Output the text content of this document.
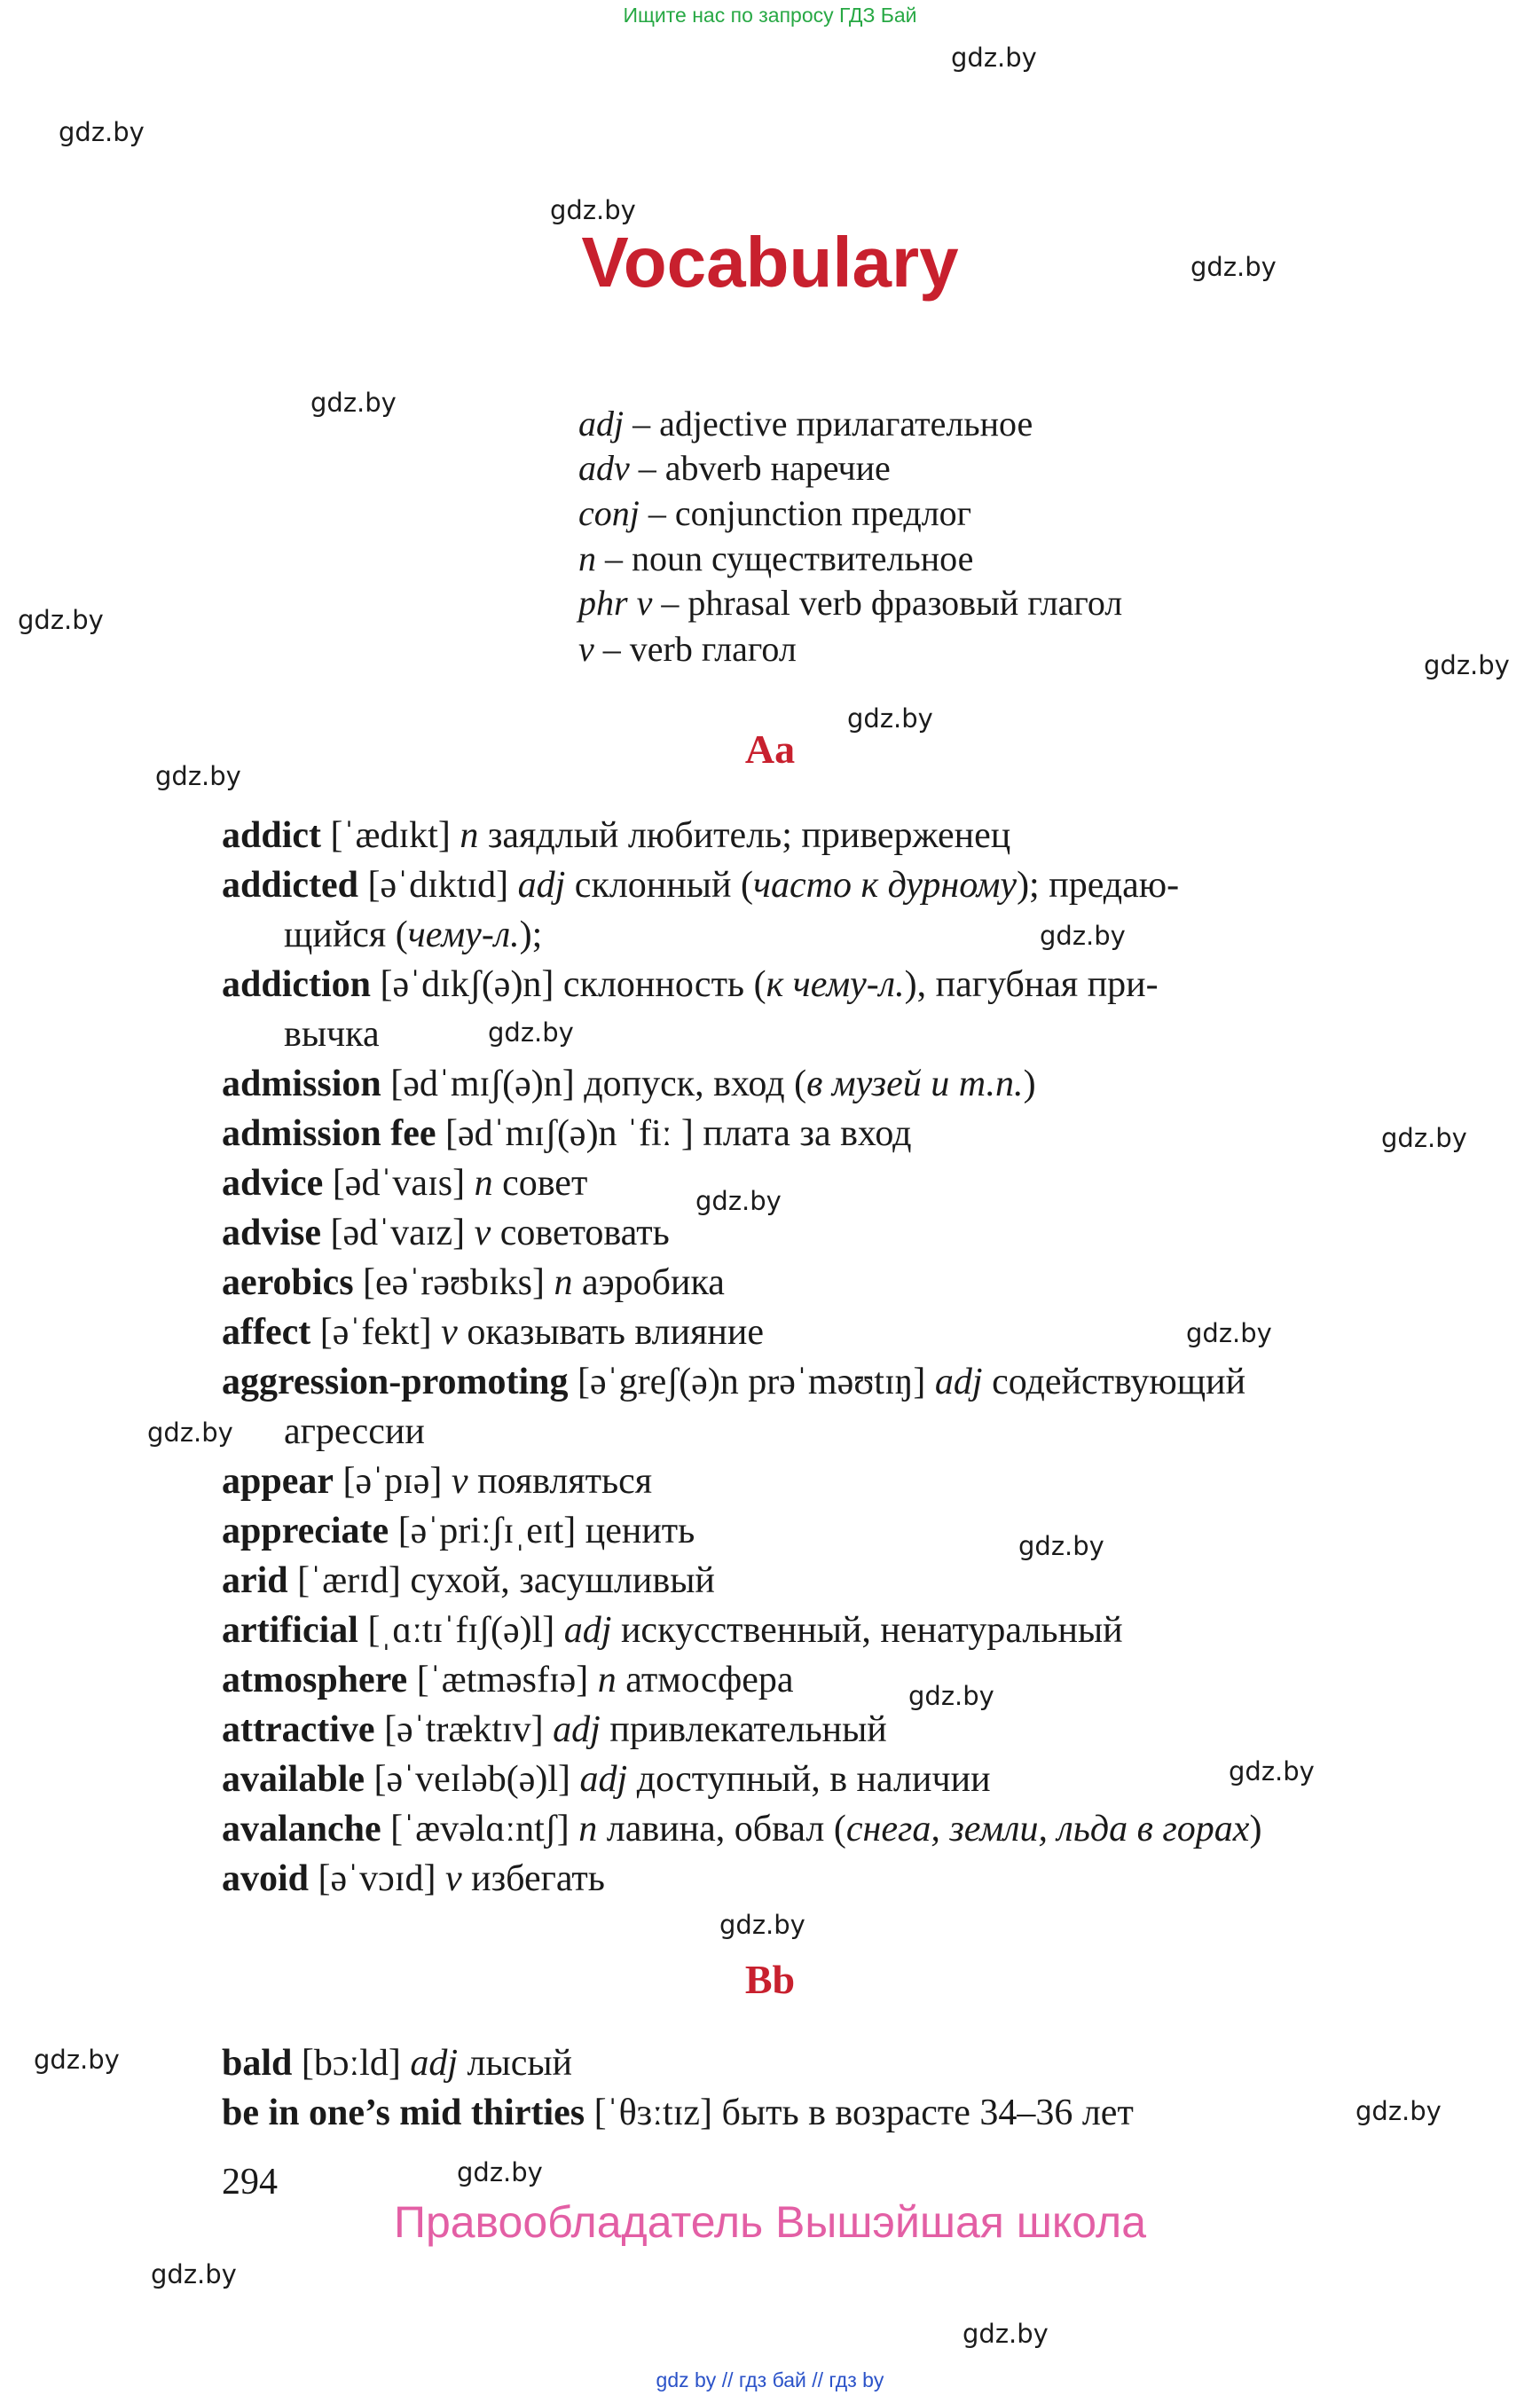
Ищите нас по запросу ГДЗ Бай
gdz.by
gdz.by
gdz.by
gdz.by
gdz.by
gdz.by
gdz.by
gdz.by
gdz.by
gdz.by
gdz.by
gdz.by
gdz.by
gdz.by
gdz.by
gdz.by
gdz.by
gdz.by
gdz.by
gdz.by
gdz.by
gdz.by
gdz.by
gdz.by
Vocabulary
adj – adjective прилагательное
adv – abverb наречие
conj – conjunction предлог
n – noun существительное
phr v – phrasal verb фразовый глагол
v – verb глагол
Aa
addict [ˈædɪkt] n заядлый любитель; приверженец
addicted [əˈdɪktɪd] adj склонный (часто к дурному); предаю-
щийся (чему-л.);
addiction [əˈdɪkʃ(ə)n] склонность (к чему-л.), пагубная при-
вычка
admission [ədˈmɪʃ(ə)n] допуск, вход (в музей и т.п.)
admission fee [ədˈmɪʃ(ə)n ˈfiː ] плата за вход
advice [ədˈvaɪs] n совет
advise [ədˈvaɪz] v советовать
aerobics [eəˈrəʊbɪks] n аэробика
affect [əˈfekt] v оказывать влияние
aggression-promoting [əˈgreʃ(ə)n prəˈməʊtɪŋ] adj содействующий
агрессии
appear [əˈpɪə] v появляться
appreciate [əˈpriːʃɪˌeɪt] ценить
arid [ˈærɪd] сухой, засушливый
artificial [ˌɑːtɪˈfɪʃ(ə)l] adj искусственный, ненатуральный
atmosphere [ˈætməsfɪə] n атмосфера
attractive [əˈtræktɪv] adj привлекательный
available [əˈveɪləb(ə)l] adj доступный, в наличии
avalanche [ˈævəlɑːntʃ] n лавина, обвал (снега, земли, льда в горах)
avoid [əˈvɔɪd] v избегать
Bb
bald [bɔːld] adj лысый
be in one’s mid thirties [ˈθɜːtɪz] быть в возрасте 34–36 лет
294
Правообладатель Вышэйшая школа
gdz by // гдз бай // гдз by
